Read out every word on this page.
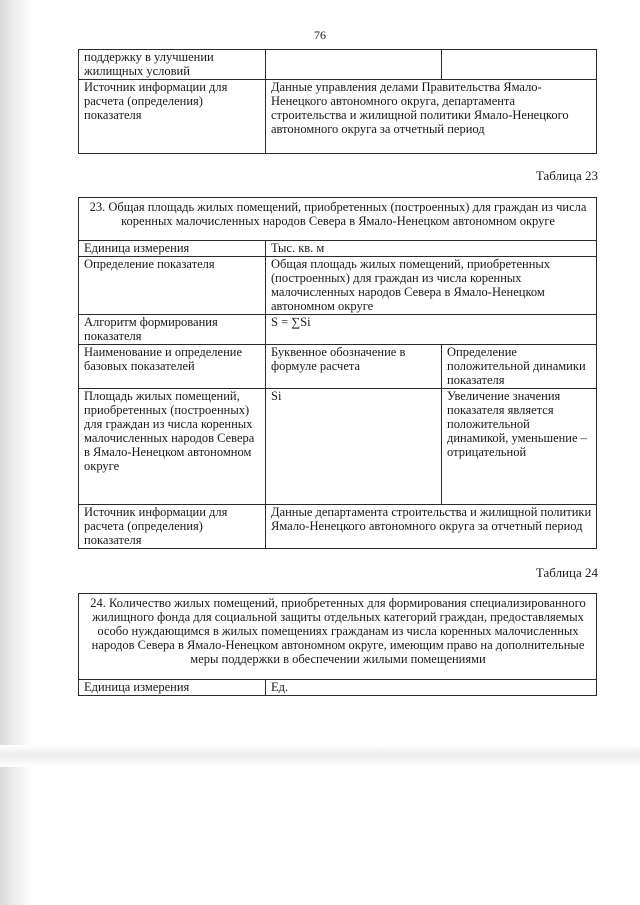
76
поддержку в улучшении жилищных условий		
Источник информации для расчета (определения) показателя	Данные управления делами Правительства Ямало-Ненецкого автономного округа, департамента строительства и жилищной политики Ямало-Ненецкого автономного округа за отчетный период	
Таблица 23
23. Общая площадь жилых помещений, приобретенных (построенных) для граждан из числа коренных малочисленных народов Севера в Ямало-Ненецком автономном округе		
Единица измерения	Тыс. кв. м	
Определение показателя	Общая площадь жилых помещений, приобретенных (построенных) для граждан из числа коренных малочисленных народов Севера в Ямало-Ненецком автономном округе	
Алгоритм формирования показателя	S = ∑Si	
Наименование и определение базовых показателей	Буквенное обозначение в формуле расчета	Определение положительной динамики показателя
Площадь жилых помещений, приобретенных (построенных) для граждан из числа коренных малочисленных народов Севера в Ямало-Ненецком автономном округе	Si	Увеличение значения показателя является положительной динамикой, уменьшение – отрицательной
Источник информации для расчета (определения) показателя	Данные департамента строительства и жилищной политики Ямало-Ненецкого автономного округа за отчетный период	
Таблица 24
24. Количество жилых помещений, приобретенных для формирования специализированного жилищного фонда для социальной защиты отдельных категорий граждан, предоставляемых особо нуждающимся в жилых помещениях гражданам из числа коренных малочисленных народов Севера в Ямало-Ненецком автономном округе, имеющим право на дополнительные меры поддержки в обеспечении жилыми помещениями
Единица измерения	Ед.
